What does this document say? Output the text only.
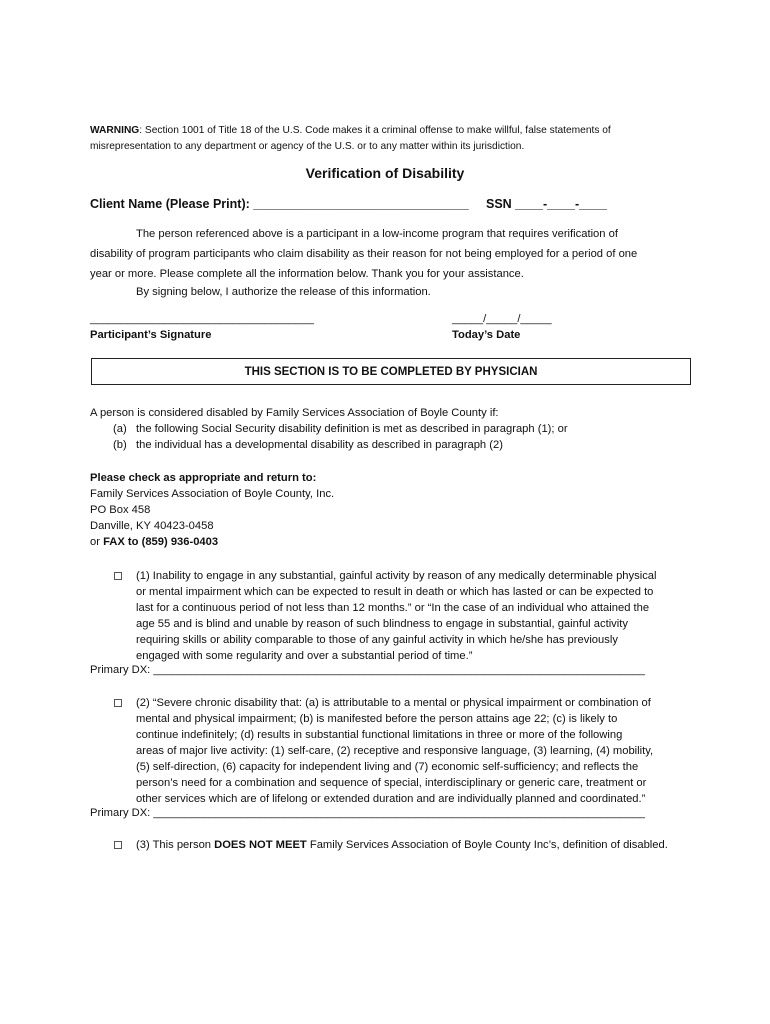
WARNING: Section 1001 of Title 18 of the U.S. Code makes it a criminal offense to make willful, false statements of
misrepresentation to any department or agency of the U.S. or to any matter within its jurisdiction.
Verification of Disability
Client Name (Please Print): _______________________________ SSN ____-____-____
The person referenced above is a participant in a low-income program that requires verification of
disability of program participants who claim disability as their reason for not being employed for a period of one
year or more. Please complete all the information below. Thank you for your assistance.
By signing below, I authorize the release of this information.
____________________________________	_____/_____/_____
Participant’s Signature	Today’s Date
THIS SECTION IS TO BE COMPLETED BY PHYSICIAN
A person is considered disabled by Family Services Association of Boyle County if:
(a) the following Social Security disability definition is met as described in paragraph (1); or
(b) the individual has a developmental disability as described in paragraph (2)
Please check as appropriate and return to:
Family Services Association of Boyle County, Inc.
PO Box 458
Danville, KY 40423-0458
or FAX to (859) 936-0403
(1) Inability to engage in any substantial, gainful activity by reason of any medically determinable physical
or mental impairment which can be expected to result in death or which has lasted or can be expected to
last for a continuous period of not less than 12 months.” or “In the case of an individual who attained the
age 55 and is blind and unable by reason of such blindness to engage in substantial, gainful activity
requiring skills or ability comparable to those of any gainful activity in which he/she has previously
engaged with some regularity and over a substantial period of time.”
Primary DX: _______________________________________________________________________________
(2) “Severe chronic disability that: (a) is attributable to a mental or physical impairment or combination of
mental and physical impairment; (b) is manifested before the person attains age 22; (c) is likely to
continue indefinitely; (d) results in substantial functional limitations in three or more of the following
areas of major live activity: (1) self-care, (2) receptive and responsive language, (3) learning, (4) mobility,
(5) self-direction, (6) capacity for independent living and (7) economic self-sufficiency; and reflects the
person’s need for a combination and sequence of special, interdisciplinary or generic care, treatment or
other services which are of lifelong or extended duration and are individually planned and coordinated.”
Primary DX: _______________________________________________________________________________
(3) This person DOES NOT MEET Family Services Association of Boyle County Inc’s, definition of disabled.
